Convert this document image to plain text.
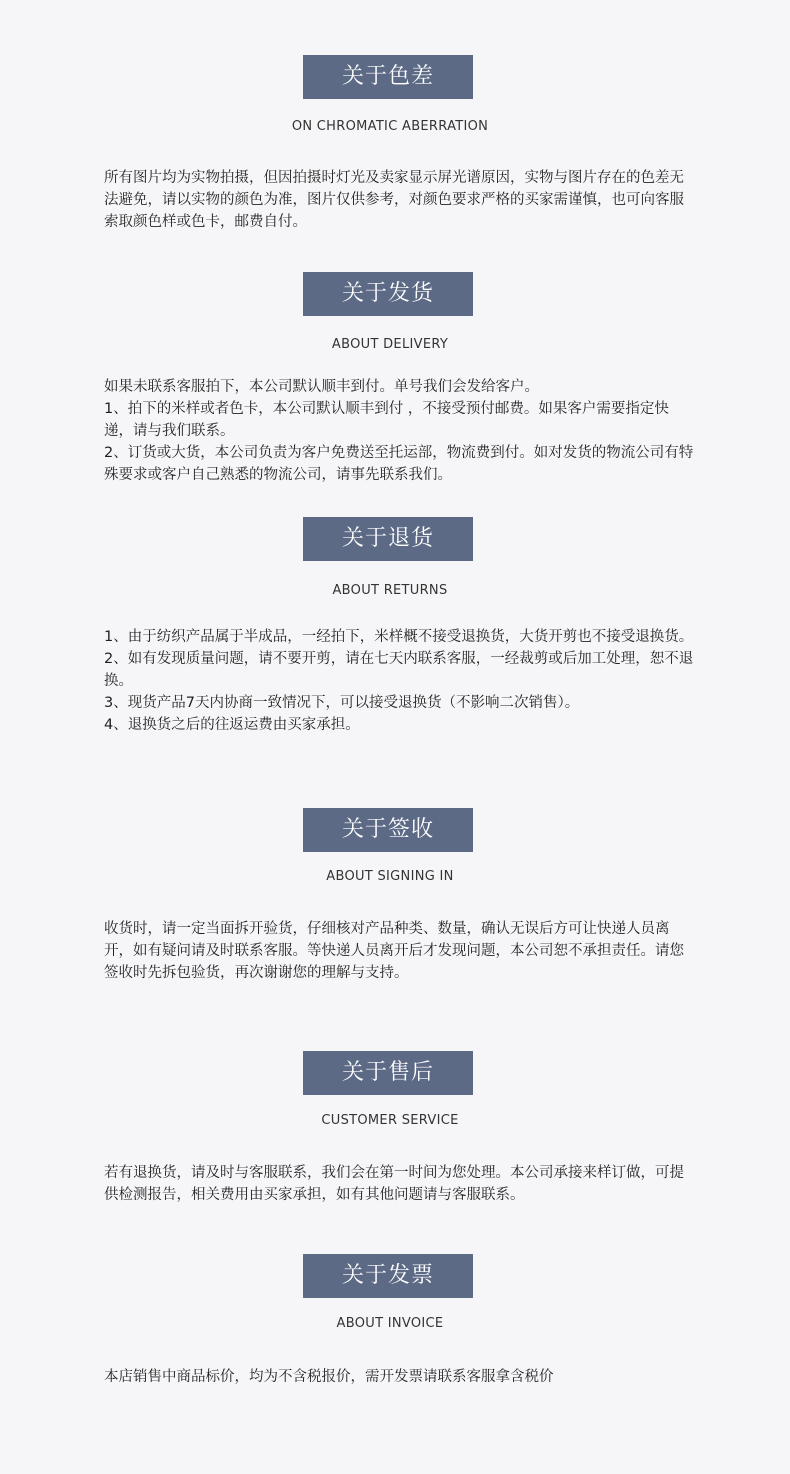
关于色差
ON CHROMATIC ABERRATION

所有图片均为实物拍摄，但因拍摄时灯光及卖家显示屏光谱原因，实物与图片存在的色差无法避免，请以实物的颜色为准，图片仅供参考，对颜色要求严格的买家需谨慎，也可向客服索取颜色样或色卡，邮费自付。

关于发货
ABOUT DELIVERY

如果未联系客服拍下，本公司默认顺丰到付。单号我们会发给客户。

1、拍下的米样或者色卡，本公司默认顺丰到付 ，不接受预付邮费。如果客户需要指定快递，请与我们联系。

2、订货或大货，本公司负责为客户免费送至托运部，物流费到付。如对发货的物流公司有特殊要求或客户自己熟悉的物流公司，请事先联系我们。

关于退货
ABOUT RETURNS

1、由于纺织产品属于半成品，一经拍下，米样概不接受退换货，大货开剪也不接受退换货。

2、如有发现质量问题，请不要开剪，请在七天内联系客服，一经裁剪或后加工处理，恕不退换。

3、现货产品7天内协商一致情况下，可以接受退换货（不影响二次销售）。

4、退换货之后的往返运费由买家承担。

关于签收
ABOUT SIGNING IN

收货时，请一定当面拆开验货，仔细核对产品种类、数量，确认无误后方可让快递人员离开，如有疑问请及时联系客服。等快递人员离开后才发现问题，本公司恕不承担责任。请您签收时先拆包验货，再次谢谢您的理解与支持。

关于售后
CUSTOMER SERVICE

若有退换货，请及时与客服联系，我们会在第一时间为您处理。本公司承接来样订做，可提供检测报告，相关费用由买家承担，如有其他问题请与客服联系。

关于发票
ABOUT INVOICE

本店销售中商品标价，均为不含税报价，需开发票请联系客服拿含税价
